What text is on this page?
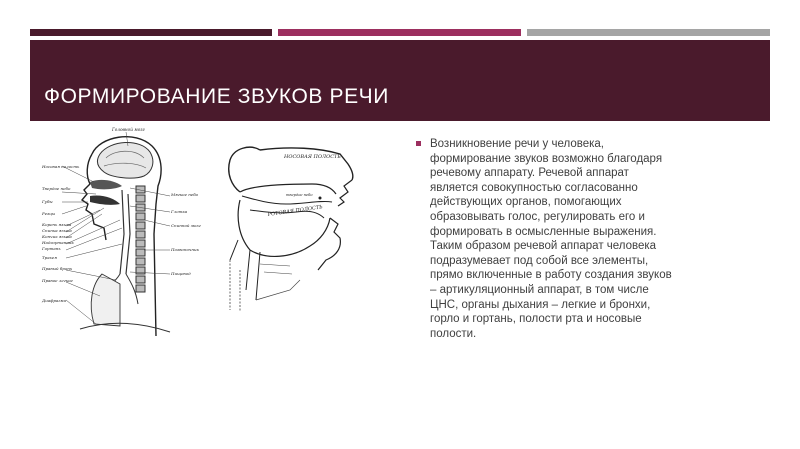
ФОРМИРОВАНИЕ ЗВУКОВ РЕЧИ
Головной мозг
Носовая полость
Твердое небо
Губы
Резцы
Корень языка
Спинка языка
Кончик языка
Надгортанник
Гортань
Трахея
Правый бронх
Правое легкое
Диафрагма
Мягкое небо
Глотка
Спинной мозг
Позвоночник
Пищевод
НОСОВАЯ ПОЛОСТЬ
РОТОВАЯ ПОЛОСТЬ
твердое небо
Возникновение речи у человека, формирование звуков возможно благодаря речевому аппарату. Речевой аппарат является совокупностью согласованно действующих органов, помогающих образовывать голос, регулировать его и формировать в осмысленные выражения. Таким образом речевой аппарат человека подразумевает под собой все элементы, прямо включенные в работу создания звуков – артикуляционный аппарат, в том числе ЦНС, органы дыхания – легкие и бронхи, горло и гортань, полости рта и носовые полости.
